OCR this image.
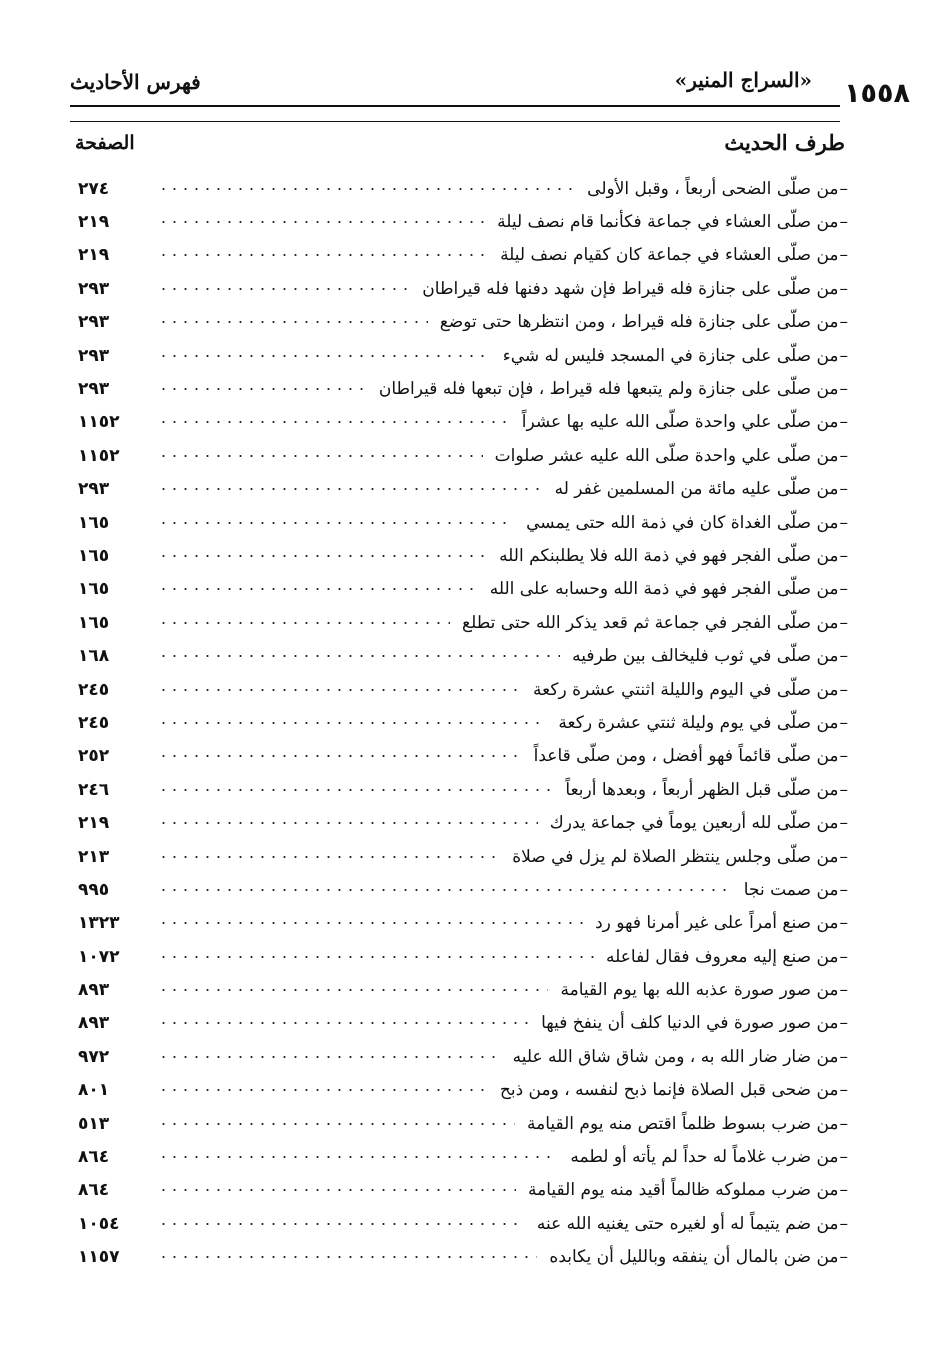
١٥٥٨
«السراج المنير»
فهرس الأحاديث
طرف الحديث
الصفحة
–
من صلّى الضحى أربعاً ، وقبل الأولى
٢٧٤
–
من صلّى العشاء في جماعة فكأنما قام نصف ليلة
٢١٩
–
من صلّى العشاء في جماعة كان كقيام نصف ليلة
٢١٩
–
من صلّى على جنازة فله قيراط فإن شهد دفنها فله قيراطان
٢٩٣
–
من صلّى على جنازة فله قيراط ، ومن انتظرها حتى توضع
٢٩٣
–
من صلّى على جنازة في المسجد فليس له شيء
٢٩٣
–
من صلّى على جنازة ولم يتبعها فله قيراط ، فإن تبعها فله قيراطان
٢٩٣
–
من صلّى علي واحدة صلّى الله عليه بها عشراً
١١٥٢
–
من صلّى علي واحدة صلّى الله عليه عشر صلوات
١١٥٢
–
من صلّى عليه مائة من المسلمين غفر له
٢٩٣
–
من صلّى الغداة كان في ذمة الله حتى يمسي
١٦٥
–
من صلّى الفجر فهو في ذمة الله فلا يطلبنكم الله
١٦٥
–
من صلّى الفجر فهو في ذمة الله وحسابه على الله
١٦٥
–
من صلّى الفجر في جماعة ثم قعد يذكر الله حتى تطلع
١٦٥
–
من صلّى في ثوب فليخالف بين طرفيه
١٦٨
–
من صلّى في اليوم والليلة اثنتي عشرة ركعة
٢٤٥
–
من صلّى في يوم وليلة ثنتي عشرة ركعة
٢٤٥
–
من صلّى قائماً فهو أفضل ، ومن صلّى قاعداً
٢٥٢
–
من صلّى قبل الظهر أربعاً ، وبعدها أربعاً
٢٤٦
–
من صلّى لله أربعين يوماً في جماعة يدرك
٢١٩
–
من صلّى وجلس ينتظر الصلاة لم يزل في صلاة
٢١٣
–
من صمت نجا
٩٩٥
–
من صنع أمراً على غير أمرنا فهو رد
١٣٢٣
–
من صنع إليه معروف فقال لفاعله
١٠٧٢
–
من صور صورة عذبه الله بها يوم القيامة
٨٩٣
–
من صور صورة في الدنيا كلف أن ينفخ فيها
٨٩٣
–
من ضار ضار الله به ، ومن شاق شاق الله عليه
٩٧٢
–
من ضحى قبل الصلاة فإنما ذبح لنفسه ، ومن ذبح
٨٠١
–
من ضرب بسوط ظلماً اقتص منه يوم القيامة
٥١٣
–
من ضرب غلاماً له حداً لم يأته أو لطمه
٨٦٤
–
من ضرب مملوكه ظالماً أقيد منه يوم القيامة
٨٦٤
–
من ضم يتيماً له أو لغيره حتى يغنيه الله عنه
١٠٥٤
–
من ضن بالمال أن ينفقه وبالليل أن يكابده
١١٥٧
